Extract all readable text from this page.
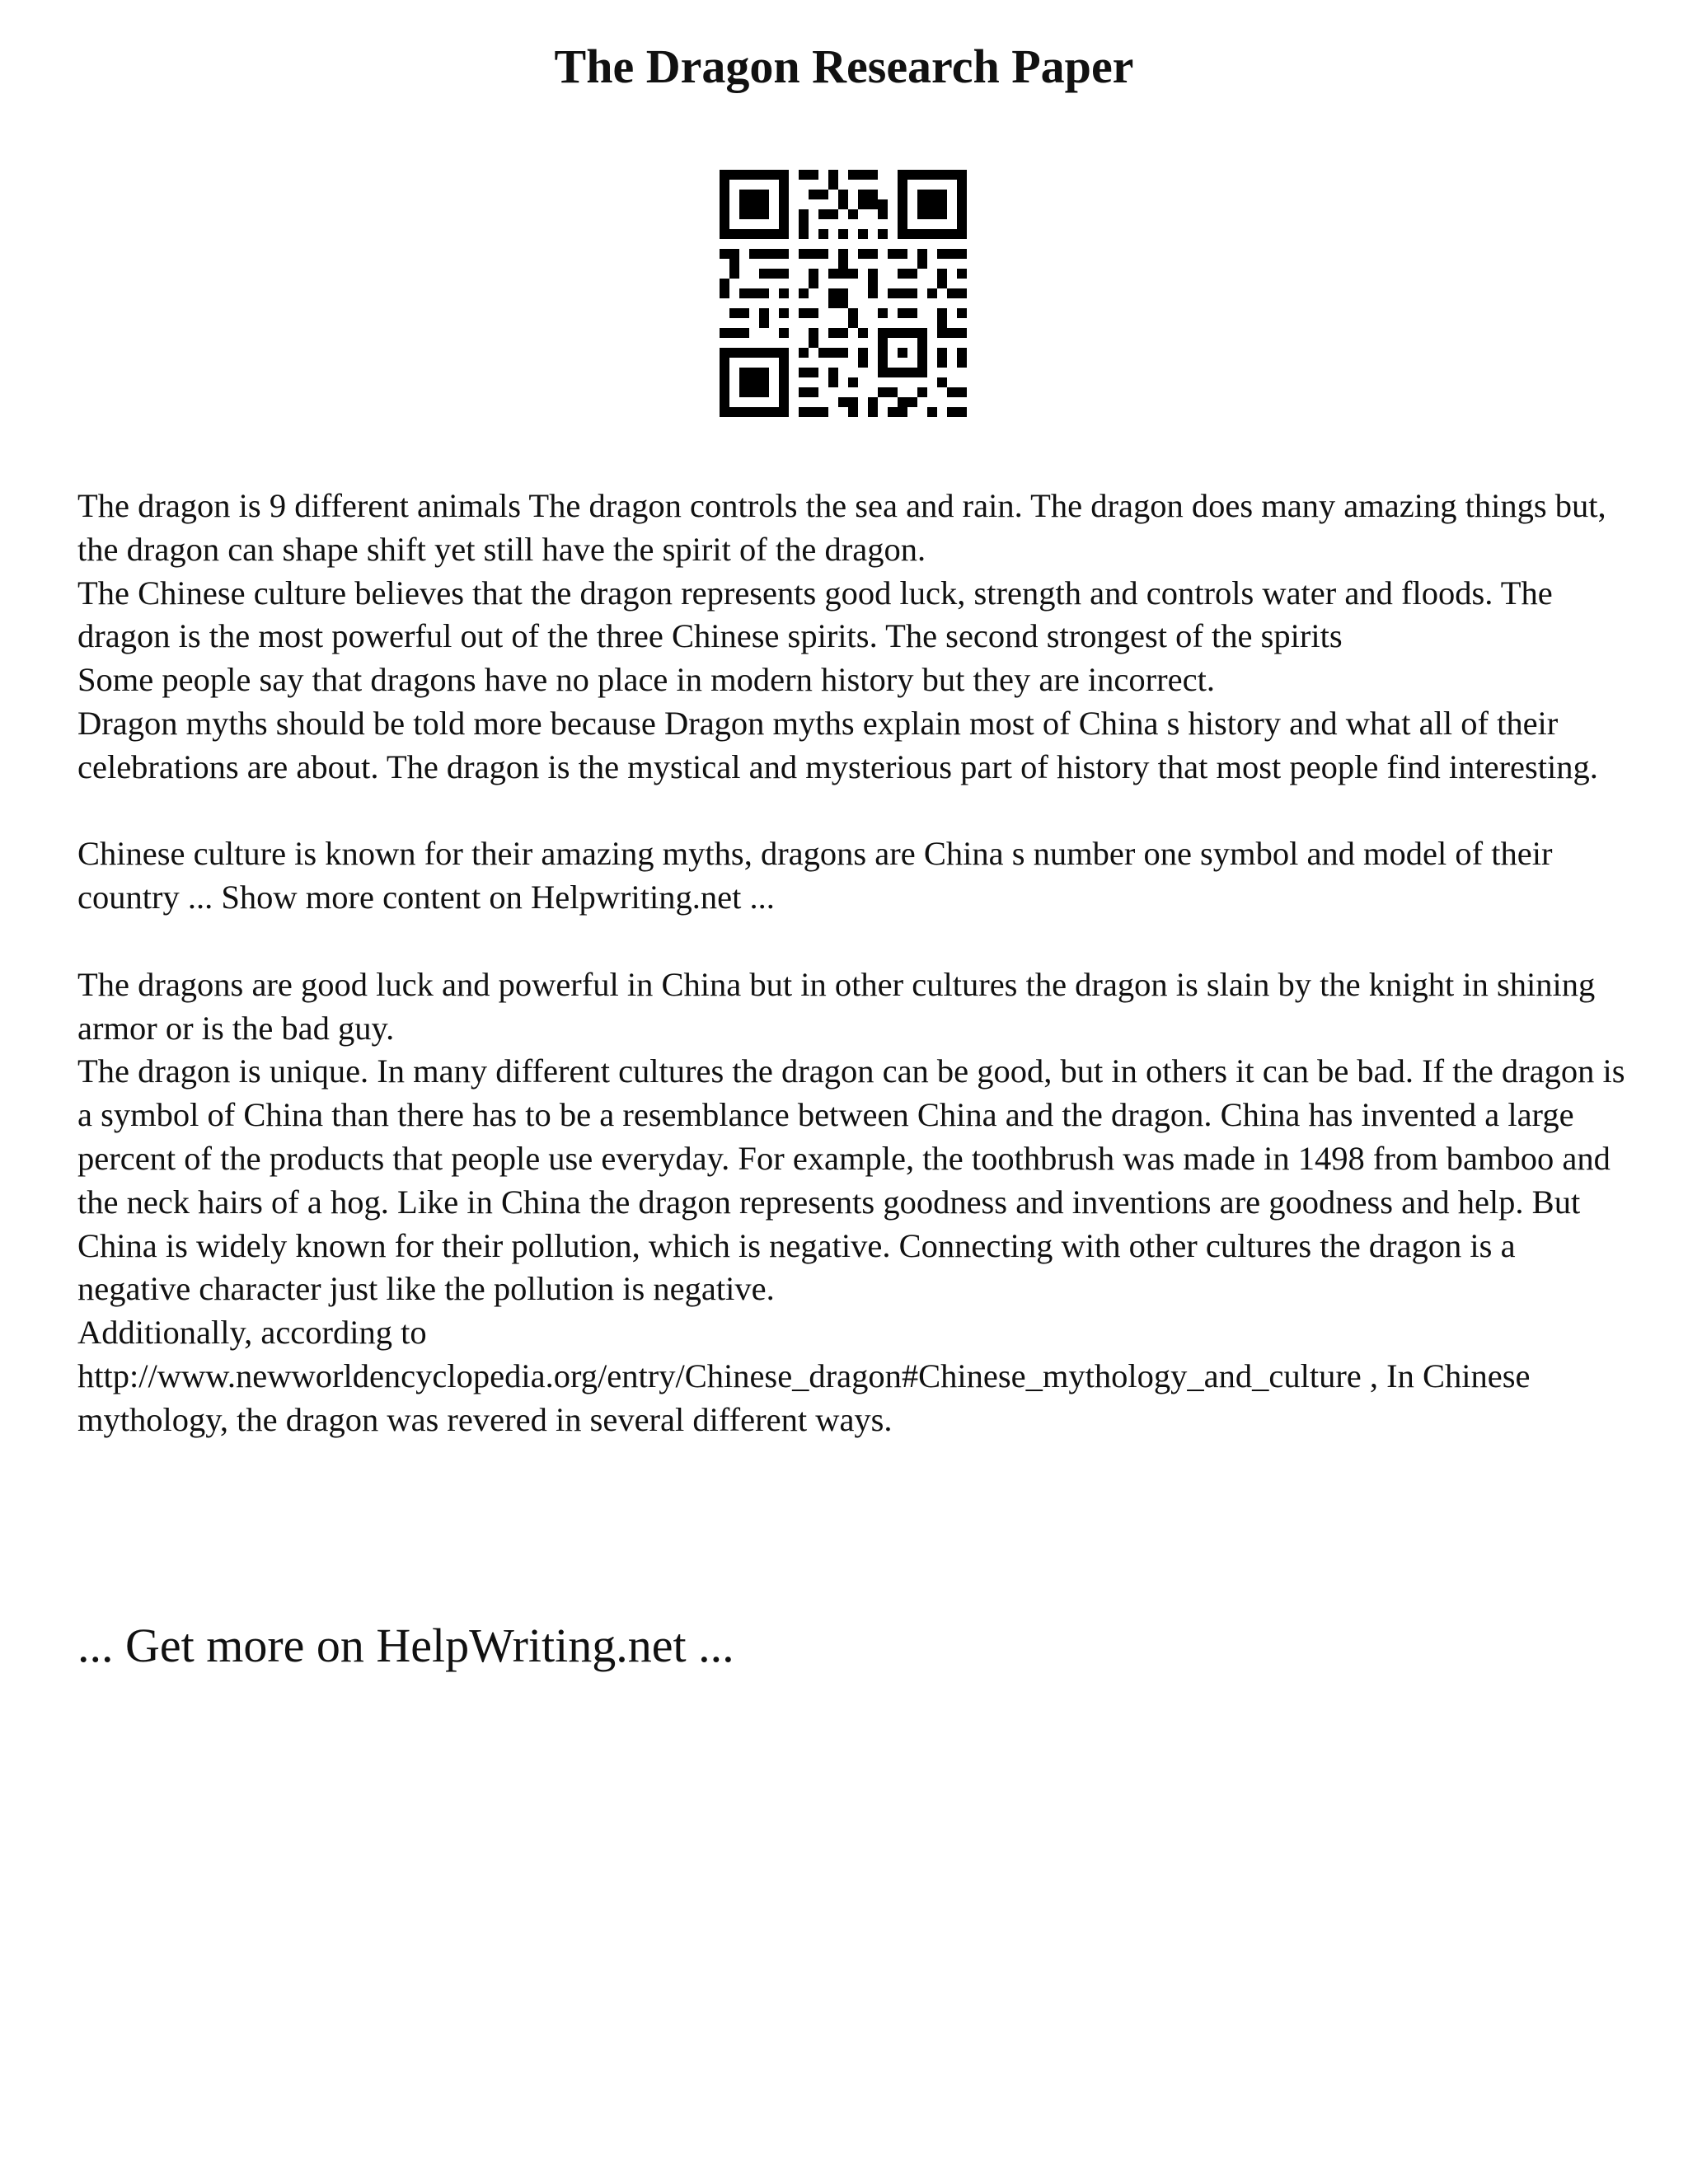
The Dragon Research Paper

The dragon is 9 different animals The dragon controls the sea and rain. The dragon does many amazing things but, the dragon can shape shift yet still have the spirit of the dragon.

The Chinese culture believes that the dragon represents good luck, strength and controls water and floods. The dragon is the most powerful out of the three Chinese spirits. The second strongest of the spirits

Some people say that dragons have no place in modern history but they are incorrect.

Dragon myths should be told more because Dragon myths explain most of China s history and what all of their celebrations are about. The dragon is the mystical and mysterious part of history that most people find interesting.

Chinese culture is known for their amazing myths, dragons are China s number one symbol and model of their country ... Show more content on Helpwriting.net ...

The dragons are good luck and powerful in China but in other cultures the dragon is slain by the knight in shining armor or is the bad guy.

The dragon is unique. In many different cultures the dragon can be good, but in others it can be bad. If the dragon is a symbol of China than there has to be a resemblance between China and the dragon. China has invented a large percent of the products that people use everyday. For example, the toothbrush was made in 1498 from bamboo and the neck hairs of a hog. Like in China the dragon represents goodness and inventions are goodness and help. But China is widely known for their pollution, which is negative. Connecting with other cultures the dragon is a negative character just like the pollution is negative.

Additionally, according to
http://www.newworldencyclopedia.org/entry/Chinese_dragon#Chinese_mythology_and_culture , In Chinese mythology, the dragon was revered in several different ways.

... Get more on HelpWriting.net ...
